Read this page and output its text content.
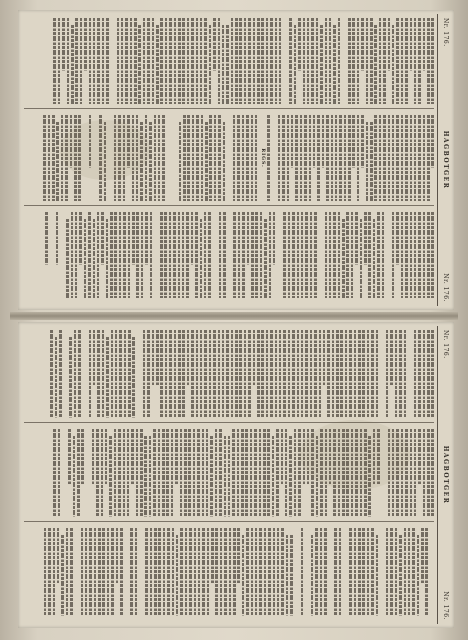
Nr. 176.
HAGBOTGER
Nr. 176.
RIGS.
Nr. 176.
HAGBOTGER
Nr. 176.
